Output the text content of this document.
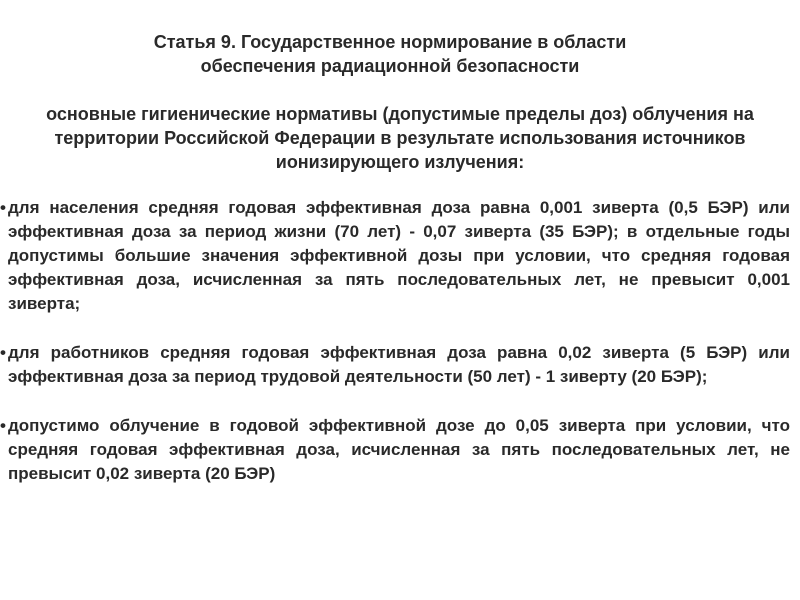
Статья 9. Государственное нормирование в области обеспечения радиационной безопасности
основные гигиенические нормативы (допустимые пределы доз) облучения на территории Российской Федерации в результате использования источников ионизирующего излучения:
• для населения средняя годовая эффективная доза равна 0,001 зиверта (0,5 БЭР) или эффективная доза за период жизни (70 лет) - 0,07 зиверта (35 БЭР); в отдельные годы допустимы большие значения эффективной дозы при условии, что средняя годовая эффективная доза, исчисленная за пять последовательных лет, не превысит 0,001 зиверта;
• для работников средняя годовая эффективная доза равна 0,02 зиверта (5 БЭР) или эффективная доза за период трудовой деятельности (50 лет) - 1 зиверту (20 БЭР);
• допустимо облучение в годовой эффективной дозе до 0,05 зиверта при условии, что средняя годовая эффективная доза, исчисленная за пять последовательных лет, не превысит 0,02 зиверта (20 БЭР)
